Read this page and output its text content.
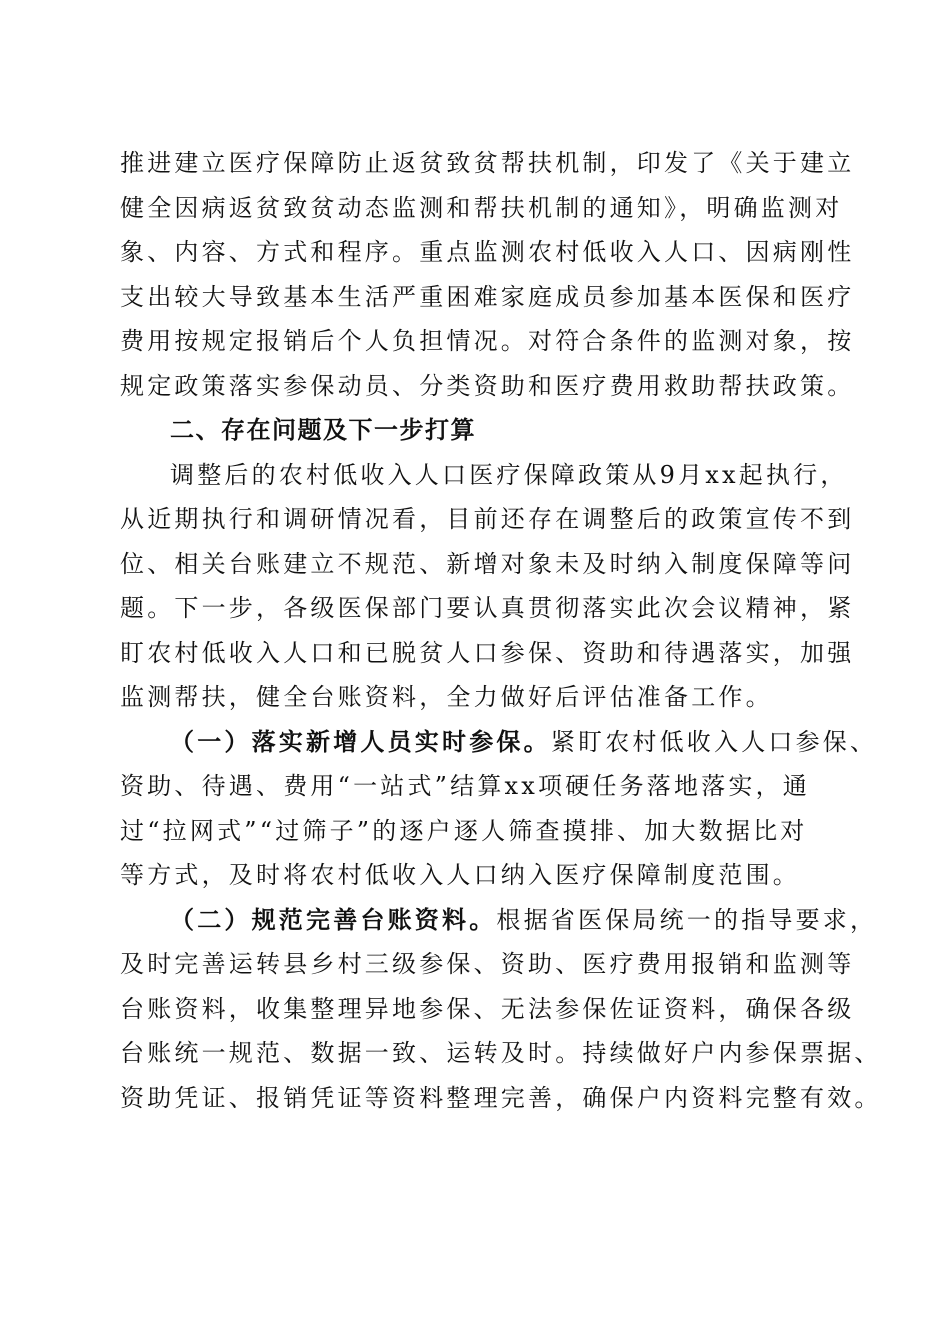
推进建立医疗保障防止返贫致贫帮扶机制，印发了《关于建立
健全因病返贫致贫动态监测和帮扶机制的通知》，明确监测对
象、内容、方式和程序。重点监测农村低收入人口、因病刚性
支出较大导致基本生活严重困难家庭成员参加基本医保和医疗
费用按规定报销后个人负担情况。对符合条件的监测对象，按
规定政策落实参保动员、分类资助和医疗费用救助帮扶政策。
二、存在问题及下一步打算
调整后的农村低收入人口医疗保障政策从9月xx起执行，
从近期执行和调研情况看，目前还存在调整后的政策宣传不到
位、相关台账建立不规范、新增对象未及时纳入制度保障等问
题。下一步，各级医保部门要认真贯彻落实此次会议精神，紧
盯农村低收入人口和已脱贫人口参保、资助和待遇落实，加强
监测帮扶，健全台账资料，全力做好后评估准备工作。
（一）落实新增人员实时参保。紧盯农村低收入人口参保、
资助、待遇、费用“一站式”结算xx项硬任务落地落实，通
过“拉网式”“过筛子”的逐户逐人筛查摸排、加大数据比对
等方式，及时将农村低收入人口纳入医疗保障制度范围。
（二）规范完善台账资料。根据省医保局统一的指导要求，
及时完善运转县乡村三级参保、资助、医疗费用报销和监测等
台账资料，收集整理异地参保、无法参保佐证资料，确保各级
台账统一规范、数据一致、运转及时。持续做好户内参保票据、
资助凭证、报销凭证等资料整理完善，确保户内资料完整有效。
